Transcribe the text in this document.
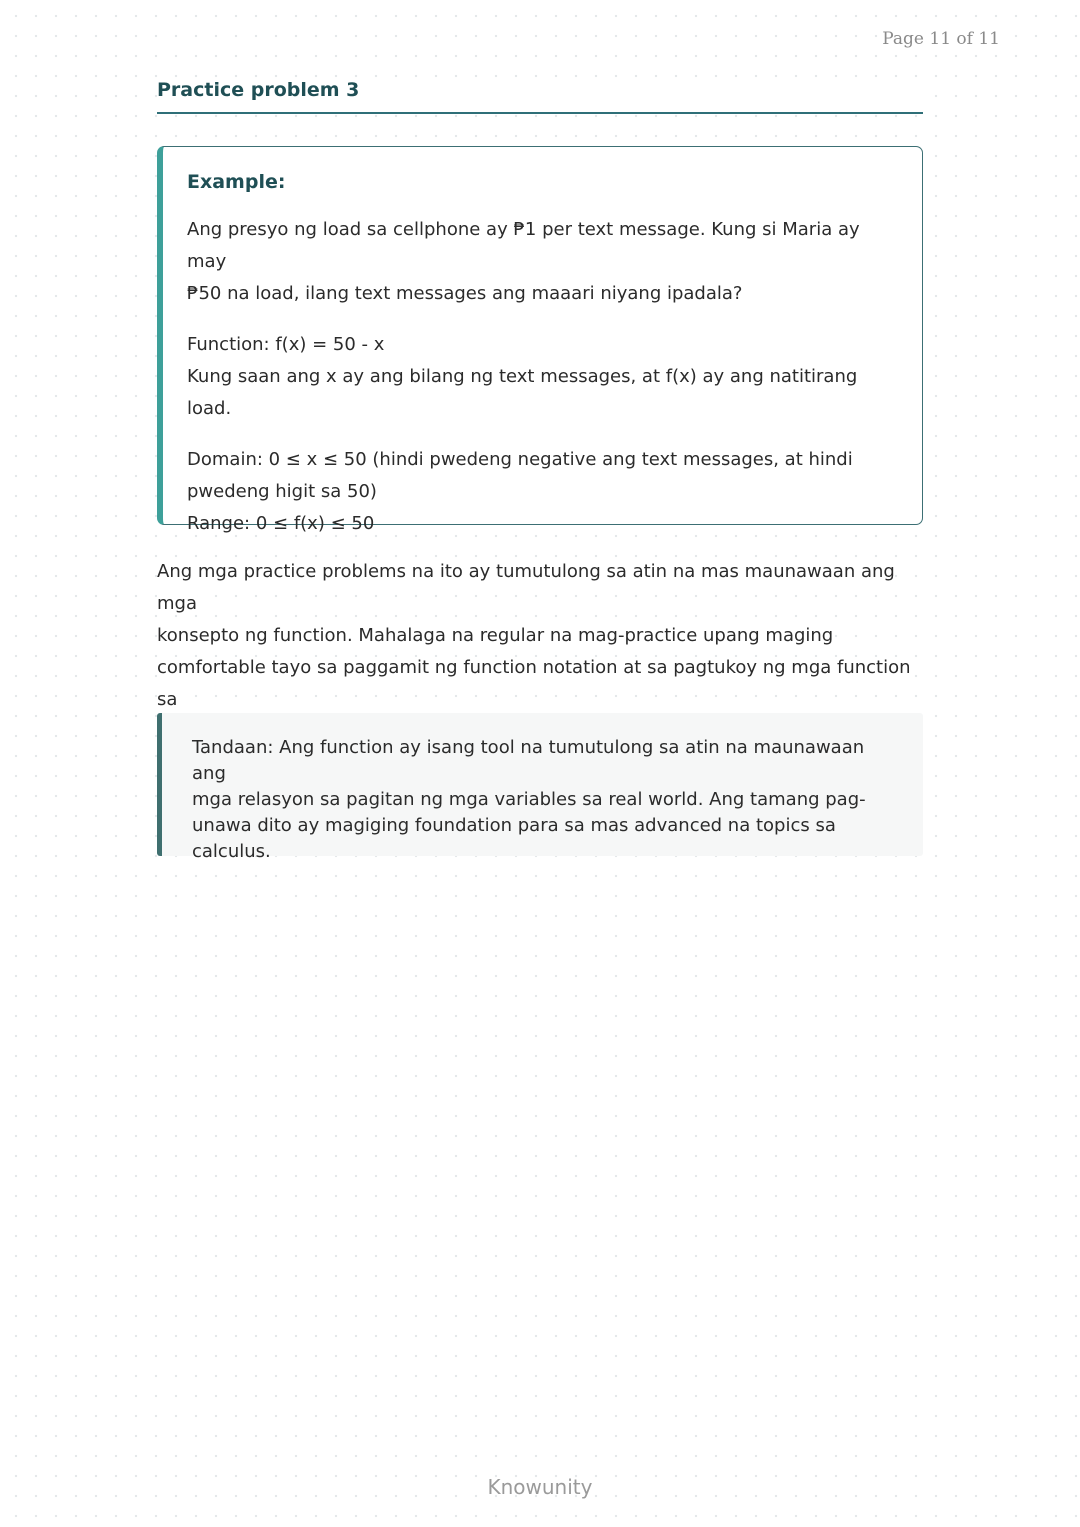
Page 11 of 11
Practice problem 3
Example:

Ang presyo ng load sa cellphone ay ₱1 per text message. Kung si Maria ay may
₱50 na load, ilang text messages ang maaari niyang ipadala?

Function: f(x) = 50 - x
Kung saan ang x ay ang bilang ng text messages, at f(x) ay ang natitirang load.

Domain: 0 ≤ x ≤ 50 (hindi pwedeng negative ang text messages, at hindi
pwedeng higit sa 50)
Range: 0 ≤ f(x) ≤ 50

Ang mga practice problems na ito ay tumutulong sa atin na mas maunawaan ang mga
konsepto ng function. Mahalaga na regular na mag-practice upang maging
comfortable tayo sa paggamit ng function notation at sa pagtukoy ng mga function sa

Tandaan: Ang function ay isang tool na tumutulong sa atin na maunawaan ang
mga relasyon sa pagitan ng mga variables sa real world. Ang tamang pag-
unawa dito ay magiging foundation para sa mas advanced na topics sa
calculus.
Knowunity
